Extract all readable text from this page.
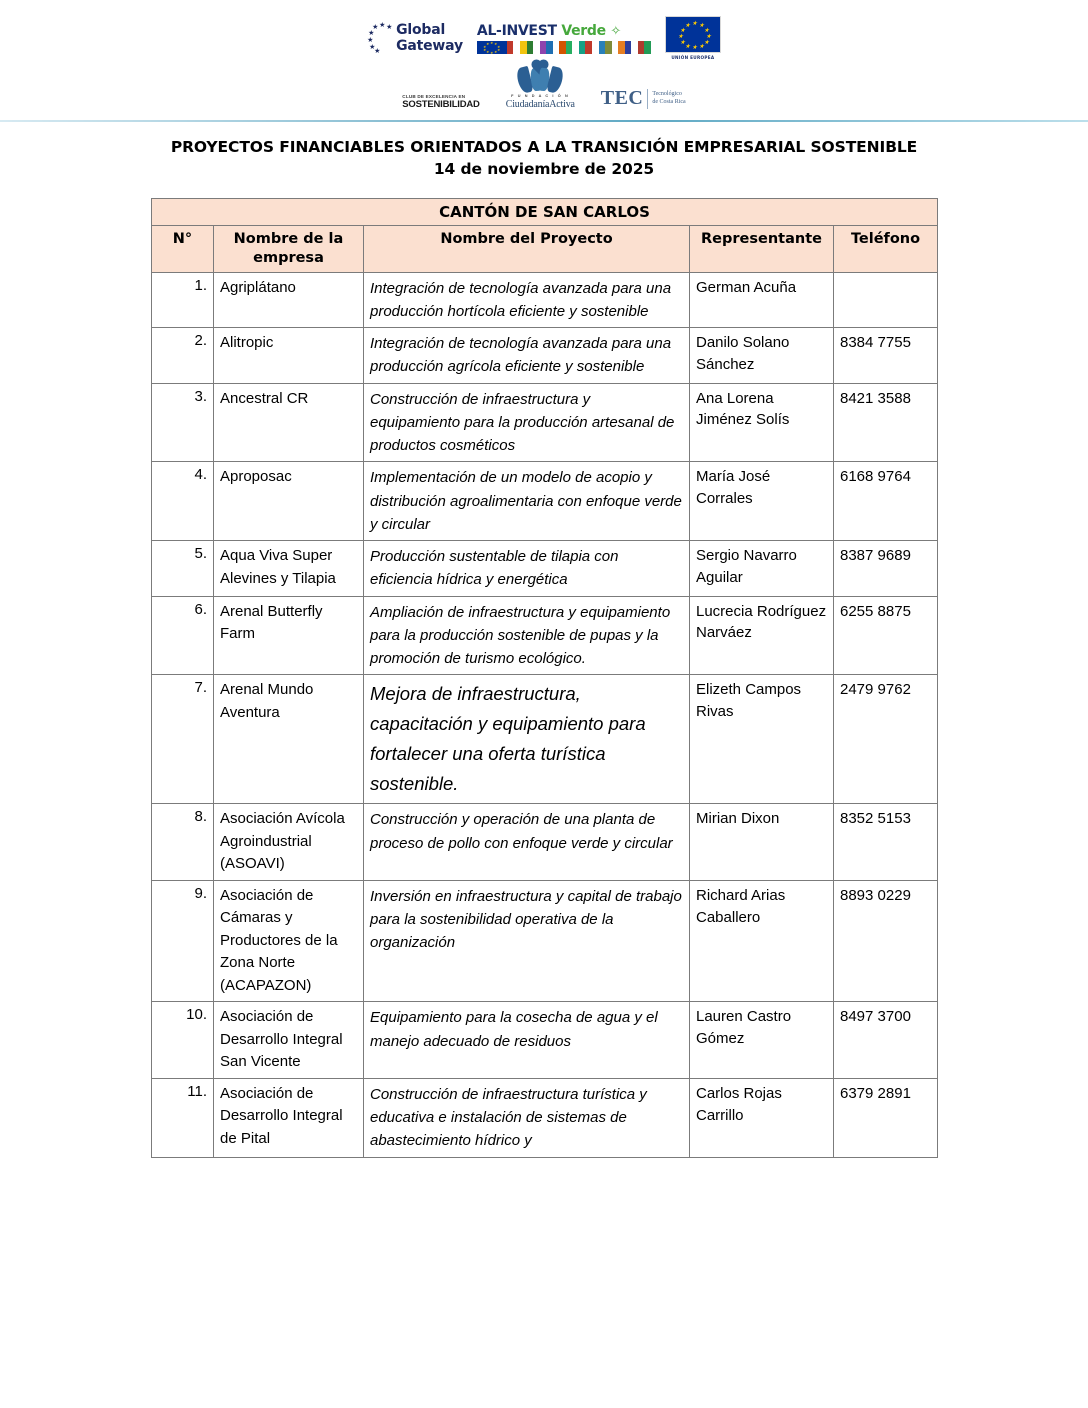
★
★ ★
★
★
★
★
Global
Gateway
AL-INVEST Verde ✧
★ ★
★
★
★
★
★
★
★
★
★ ★
★
★
★
★
★
★
★
★
★
★
UNIÓN EUROPEA
CLUB DE EXCELENCIA EN
SOSTENIBILIDAD
F U N D A C I Ó N
CiudadaníaActiva TEC Tecnológico
de Costa Rica
PROYECTOS FINANCIABLES ORIENTADOS A LA TRANSICIÓN EMPRESARIAL SOSTENIBLE
14 de noviembre de 2025
CANTÓN DE SAN CARLOS				
N°	Nombre de la empresa	Nombre del Proyecto	Representante	Teléfono
1.	Agriplátano	Integración de tecnología avanzada para una producción hortícola eficiente y sostenible	German Acuña	
2.	Alitropic	Integración de tecnología avanzada para una producción agrícola eficiente y sostenible	Danilo Solano Sánchez	8384 7755
3.	Ancestral CR	Construcción de infraestructura y equipamiento para la producción artesanal de productos cosméticos	Ana Lorena Jiménez Solís	8421 3588
4.	Aproposac	Implementación de un modelo de acopio y distribución agroalimentaria con enfoque verde y circular	María José Corrales	6168 9764
5.	Aqua Viva Super Alevines y Tilapia	Producción sustentable de tilapia con eficiencia hídrica y energética	Sergio Navarro Aguilar	8387 9689
6.	Arenal Butterfly Farm	Ampliación de infraestructura y equipamiento para la producción sostenible de pupas y la promoción de turismo ecológico.	Lucrecia Rodríguez Narváez	6255 8875
7.	Arenal Mundo Aventura	Mejora de infraestructura, capacitación y equipamiento para fortalecer una oferta turística sostenible.	Elizeth Campos Rivas	2479 9762
8.	Asociación Avícola Agroindustrial (ASOAVI)	Construcción y operación de una planta de proceso de pollo con enfoque verde y circular	Mirian Dixon	8352 5153
9.	Asociación de Cámaras y Productores de la Zona Norte (ACAPAZON)	Inversión en infraestructura y capital de trabajo para la sostenibilidad operativa de la organización	Richard Arias Caballero	8893 0229
10.	Asociación de Desarrollo Integral San Vicente	Equipamiento para la cosecha de agua y el manejo adecuado de residuos	Lauren Castro Gómez	8497 3700
11.	Asociación de Desarrollo Integral de Pital	Construcción de infraestructura turística y educativa e instalación de sistemas de abastecimiento hídrico y	Carlos Rojas Carrillo	6379 2891
